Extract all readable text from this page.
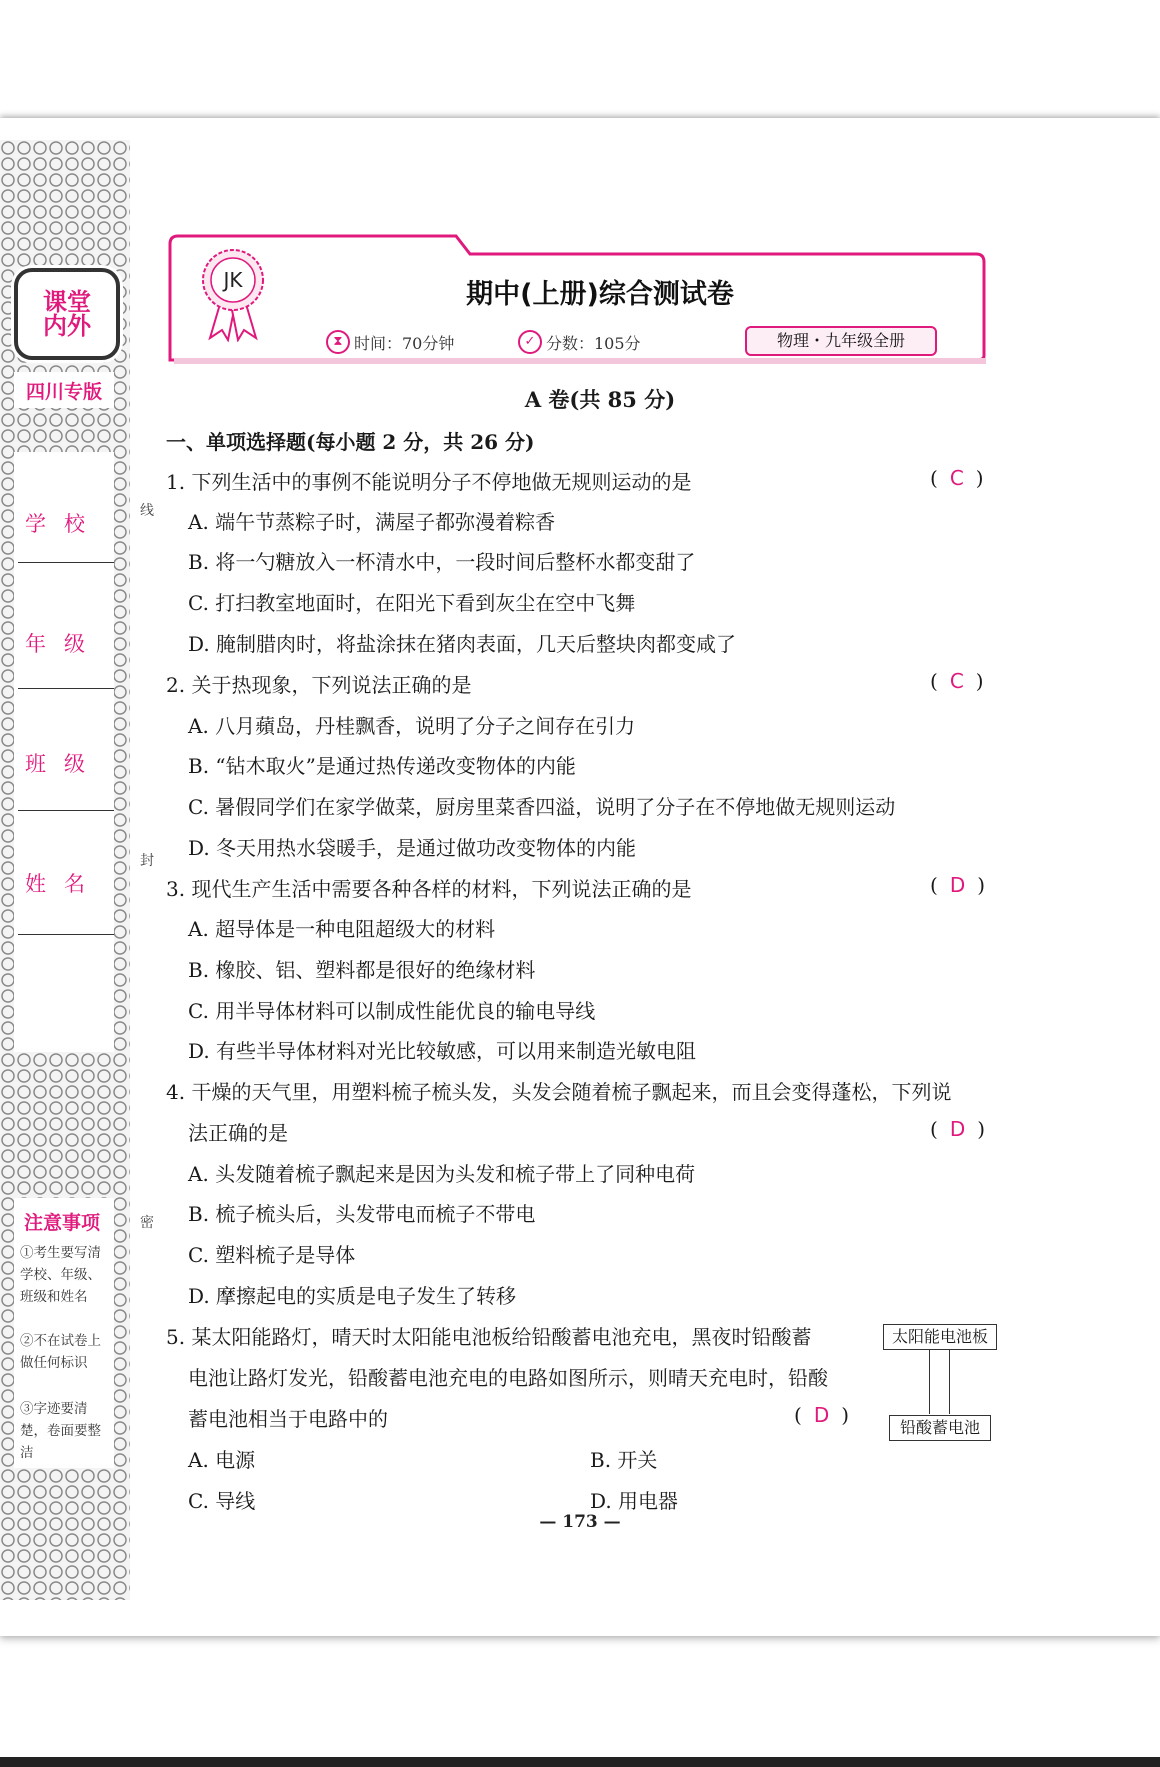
课堂
内外
四川专版
学校
年级
班级
姓名
注意事项
①考生要写清学校、年级、班级和姓名
②不在试卷上做任何标识
③字迹要清楚，卷面要整洁
线
封
密
JK	期中(上册)综合测试卷
⧗ 时间：70分钟	✓ 分数：105分	物理・九年级全册
A 卷(共 85 分)
一、单项选择题(每小题 2 分，共 26 分)
1. 下列生活中的事例不能说明分子不停地做无规则运动的是	( C )
A. 端午节蒸粽子时，满屋子都弥漫着粽香
B. 将一勺糖放入一杯清水中，一段时间后整杯水都变甜了
C. 打扫教室地面时，在阳光下看到灰尘在空中飞舞
D. 腌制腊肉时，将盐涂抹在猪肉表面，几天后整块肉都变咸了
2. 关于热现象，下列说法正确的是	( C )
A. 八月蘋岛，丹桂飘香，说明了分子之间存在引力
B. “钻木取火”是通过热传递改变物体的内能
C. 暑假同学们在家学做菜，厨房里菜香四溢，说明了分子在不停地做无规则运动
D. 冬天用热水袋暖手，是通过做功改变物体的内能
3. 现代生产生活中需要各种各样的材料，下列说法正确的是	( D )
A. 超导体是一种电阻超级大的材料
B. 橡胶、铝、塑料都是很好的绝缘材料
C. 用半导体材料可以制成性能优良的输电导线
D. 有些半导体材料对光比较敏感，可以用来制造光敏电阻
4. 干燥的天气里，用塑料梳子梳头发，头发会随着梳子飘起来，而且会变得蓬松，下列说
法正确的是	( D )
A. 头发随着梳子飘起来是因为头发和梳子带上了同种电荷
B. 梳子梳头后，头发带电而梳子不带电
C. 塑料梳子是导体
D. 摩擦起电的实质是电子发生了转移
5. 某太阳能路灯，晴天时太阳能电池板给铅酸蓄电池充电，黑夜时铅酸蓄
电池让路灯发光，铅酸蓄电池充电的电路如图所示，则晴天充电时，铅酸
蓄电池相当于电路中的	( D )
A. 电源	B. 开关
C. 导线	D. 用电器
太阳能电池板
铅酸蓄电池
— 173 —
